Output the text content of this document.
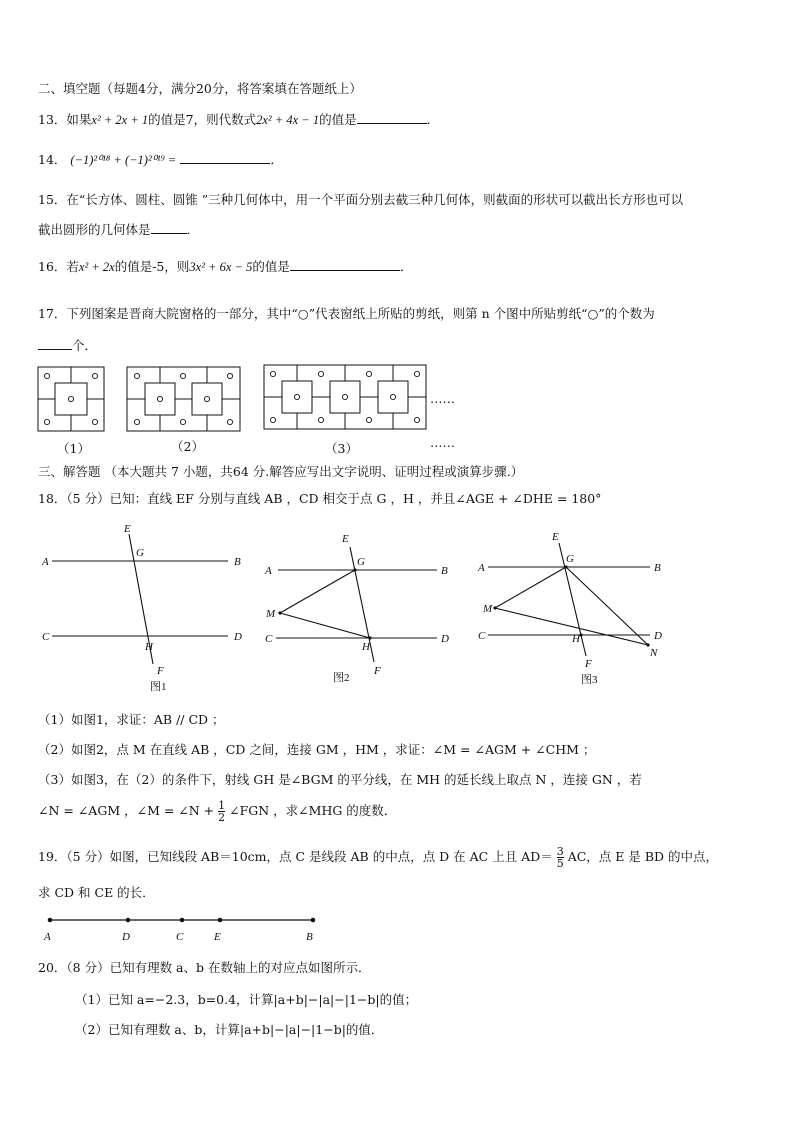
二、填空题（每题4分，满分20分，将答案填在答题纸上）
13．如果x² + 2x + 1的值是7，则代数式2x² + 4x − 1的值是	．
14． (−1)²⁰¹⁸ + (−1)²⁰¹⁹ =	．
15．在“长方体、圆柱、圆锥 ”三种几何体中，用一个平面分别去截三种几何体，则截面的形状可以截出长方形也可以
截出圆形的几何体是	．
16．若x² + 2x的值是-5，则3x² + 6x − 5的值是	．
17．下列图案是晋商大院窗格的一部分，其中“○”代表窗纸上所贴的剪纸，则第 n 个图中所贴剪纸“○”的个数为
个．
……
……
（1）	（2）	（3）
三、解答题 （本大题共 7 小题，共64 分.解答应写出文字说明、证明过程或演算步骤.）
18．（5 分）已知：直线 EF 分别与直线 AB ，CD 相交于点 G ，H ，并且∠AGE + ∠DHE = 180°
E
G
A	B
C	D
H
F
E
G
A	B
C	D
M
H
F
E
G
A	B
C	D
M
H
N
F
图1
图2	图3
（1）如图1，求证：AB // CD ；
（2）如图2，点 M 在直线 AB ，CD 之间，连接 GM ，HM ，求证：∠M = ∠AGM + ∠CHM ；
（3）如图3，在（2）的条件下，射线 GH 是∠BGM 的平分线，在 MH 的延长线上取点 N ，连接 GN ，若
∠N = ∠AGM ，∠M = ∠N + $\frac{1}{2}$ ∠FGN ，求∠MHG 的度数．
19．（5 分）如图，已知线段 AB＝10cm，点 C 是线段 AB 的中点，点 D 在 AC 上且 $AD= \frac{3}{5}$ AC，点 E 是 BD 的中点，
求 CD 和 CE 的长．
A	D	C	E	B
20．（8 分）已知有理数 a、b 在数轴上的对应点如图所示．
（1）已知 a=−2.3，b=0.4，计算|a+b|−|a|−|1−b|的值；
（2）已知有理数 a、b，计算|a+b|−|a|−|1−b|的值．
